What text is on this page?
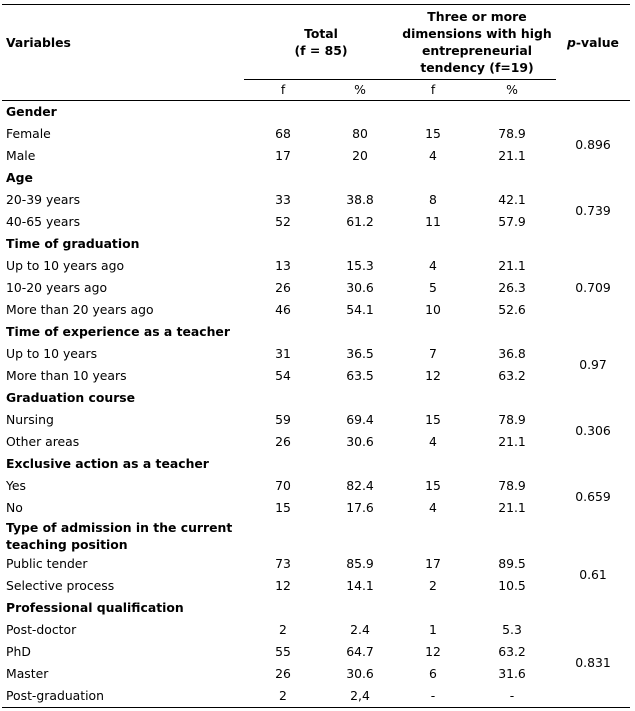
Variables	Total
(f = 85)		Three or more
dimensions with high
entrepreneurial
tendency (f=19)		p-value
	f	%	f	%	
Gender					
Female	68	80	15	78.9	0.896
Male	17	20	4	21.1	
Age					
20-39 years	33	38.8	8	42.1	0.739
40-65 years	52	61.2	11	57.9	
Time of graduation					
Up to 10 years ago	13	15.3	4	21.1	0.709
10-20 years ago	26	30.6	5	26.3	
More than 20 years ago	46	54.1	10	52.6	
Time of experience as a teacher					
Up to 10 years	31	36.5	7	36.8	0.97
More than 10 years	54	63.5	12	63.2	
Graduation course					
Nursing	59	69.4	15	78.9	0.306
Other areas	26	30.6	4	21.1	
Exclusive action as a teacher					
Yes	70	82.4	15	78.9	0.659
No	15	17.6	4	21.1	
Type of admission in the current teaching position					
Public tender	73	85.9	17	89.5	0.61
Selective process	12	14.1	2	10.5	
Professional qualification					
Post-doctor	2	2.4	1	5.3	0.831
PhD	55	64.7	12	63.2	
Master	26	30.6	6	31.6	
Post-graduation	2	2,4	-	-	
